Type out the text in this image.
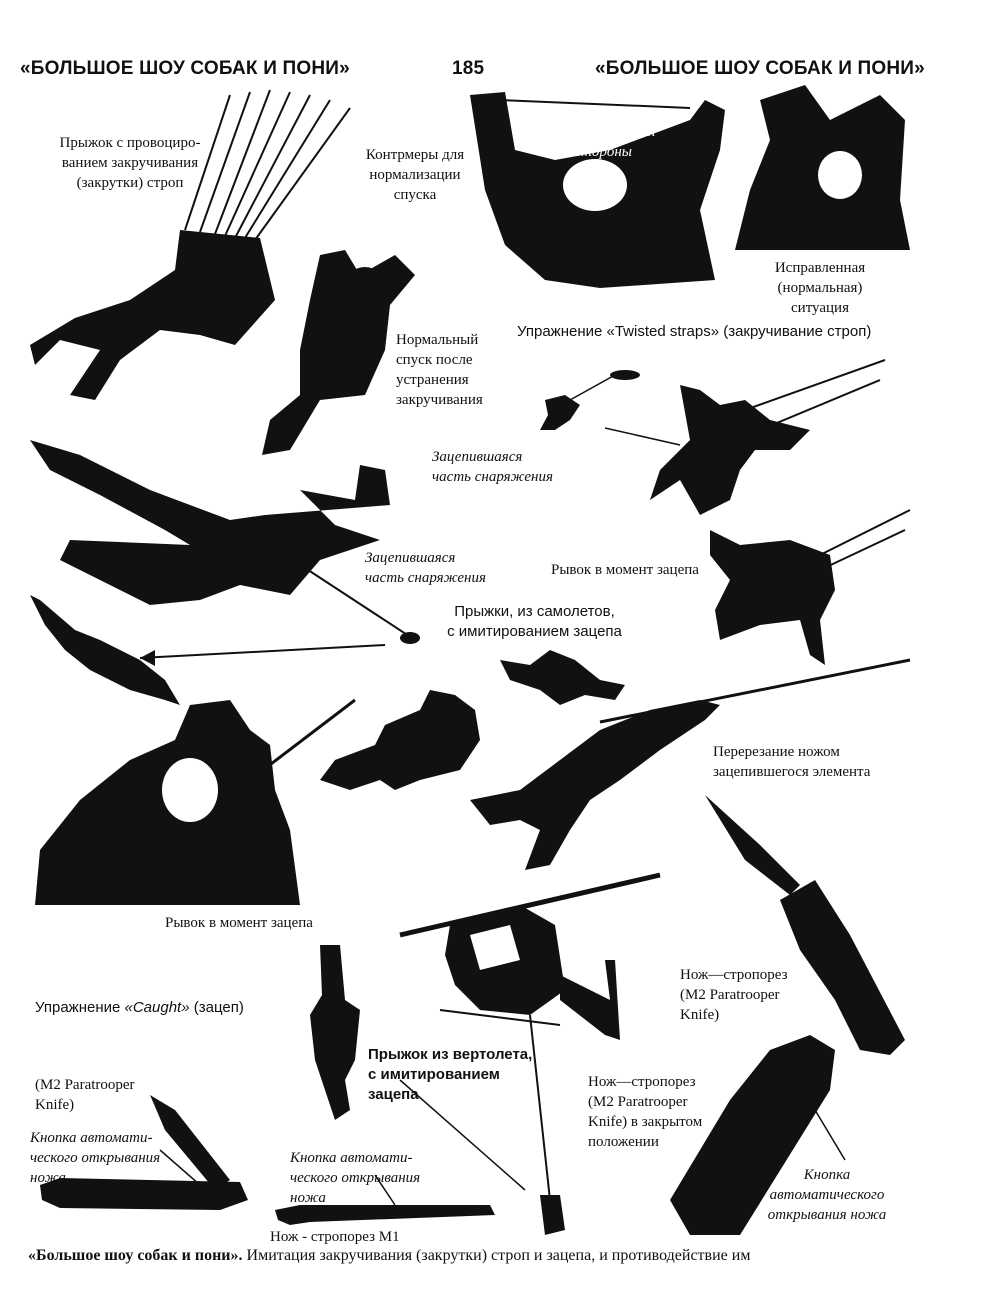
«БОЛЬШОЕ ШОУ СОБАК И ПОНИ»	185	«БОЛЬШОЕ ШОУ СОБАК И ПОНИ»
Прыжок с провоциро-
ванием закручивания
(закрутки) строп
Контрмеры для
нормализации
спуска
Разведение строп
в стороны
Исправленная
(нормальная)
ситуация
Упражнение «Twisted straps» (закручивание строп)
Нормальный
спуск после
устранения
закручивания
Зацепившаяся
часть снаряжения
Зацепившаяся
часть снаряжения	Рывок в момент зацепа
Прыжки, из самолетов,
с имитированием зацепа
Перерезание ножом
зацепившегося элемента
Рывок в момент зацепа
Упражнение «Caught» (зацеп)
Нож—стропорез
(M2 Paratrooper
Knife)
Прыжок из вертолета,
с имитированием
зацепа
(M2 Paratrooper
Knife)
Нож—стропорез
(M2 Paratrooper
Knife) в закрытом
положении
Кнопка автомати-
ческого открывания
ножа
Кнопка автомати-
ческого открывания
ножа
Кнопка
автоматического
открывания ножа
Нож - стропорез М1
«Большое шоу собак и пони». Имитация закручивания (закрутки) строп и зацепа, и противодействие им
